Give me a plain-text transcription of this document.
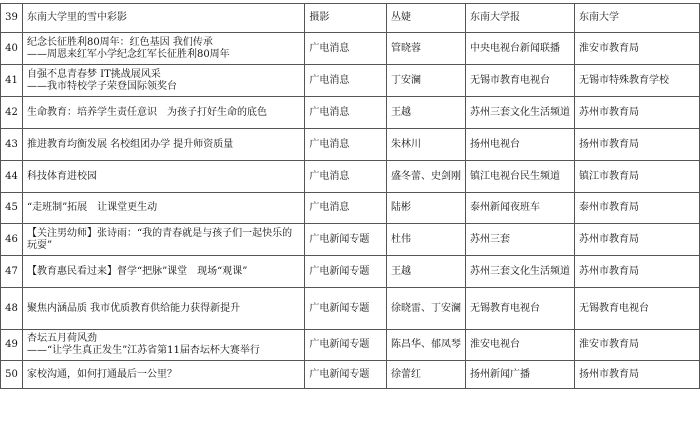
39	东南大学里的雪中彩影	摄影	丛婕	东南大学报	东南大学
40	纪念长征胜利80周年：红色基因 我们传承
——周恩来红军小学纪念红军长征胜利80周年	广电消息	管晓蓉	中央电视台新闻联播	淮安市教育局
41	自强不息青春梦 IT挑战展风采
——我市特校学子荣登国际领奖台	广电消息	丁安澜	无锡市教育电视台	无锡市特殊教育学校
42	生命教育：培养学生责任意识　为孩子打好生命的底色	广电消息	王越	苏州三套文化生活频道	苏州市教育局
43	推进教育均衡发展 名校组团办学 提升师资质量	广电消息	朱林川	扬州电视台	扬州市教育局
44	科技体育进校园	广电消息	盛冬蕾、史剑刚	镇江电视台民生频道	镇江市教育局
45	“走班制”拓展　让课堂更生动	广电消息	陆彬	泰州新闻夜班车	泰州市教育局
46	【关注男幼师】张诗雨：“我的青春就是与孩子们一起快乐的
玩耍”	广电新闻专题	杜伟	苏州三套	苏州市教育局
47	【教育惠民看过来】督学“把脉”课堂　现场“观课”	广电新闻专题	王越	苏州三套文化生活频道	苏州市教育局
48	聚焦内涵品质 我市优质教育供给能力获得新提升	广电新闻专题	徐晓雷、丁安澜	无锡教育电视台	无锡教育电视台
49	杏坛五月荷风劲
——“让学生真正发生”江苏省第11届杏坛杯大赛举行	广电新闻专题	陈昌华、郁凤琴	淮安电视台	淮安市教育局
50	家校沟通，如何打通最后一公里？	广电新闻专题	徐蕾红	扬州新闻广播	扬州市教育局
